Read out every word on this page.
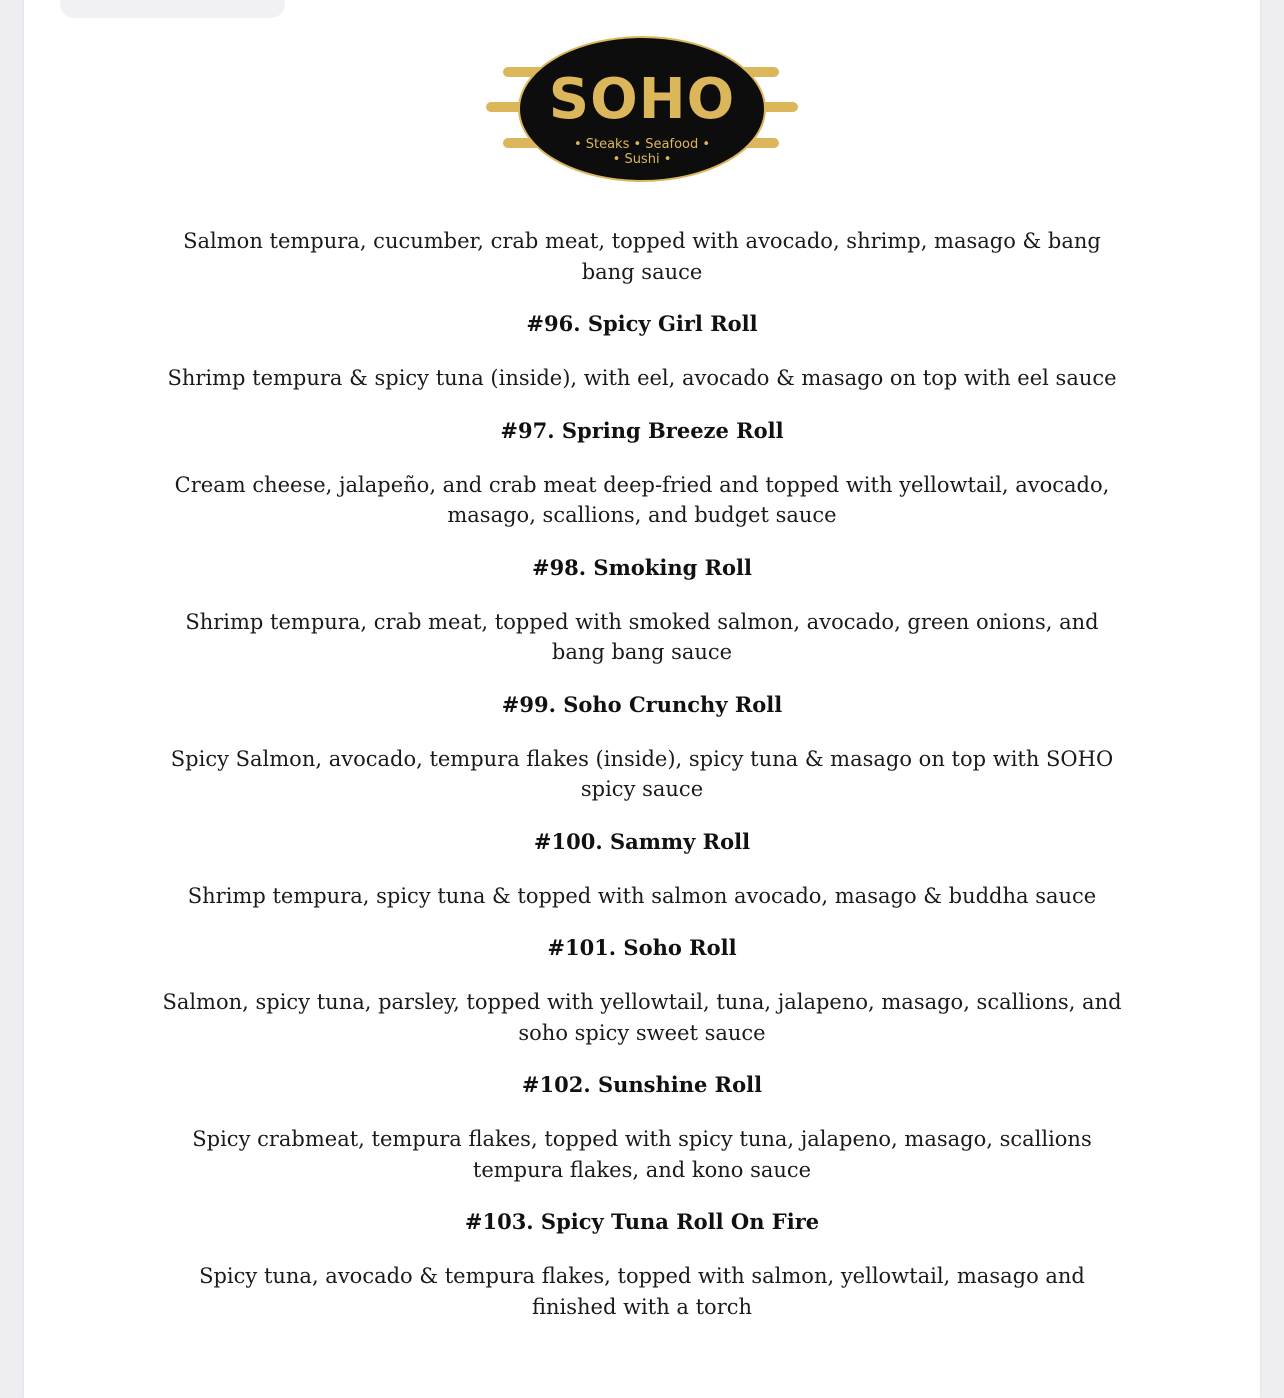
SOHO
• Steaks • Seafood •
• Sushi •
Salmon tempura, cucumber, crab meat, topped with avocado, shrimp, masago & bang bang sauce
#96. Spicy Girl Roll
Shrimp tempura & spicy tuna (inside), with eel, avocado & masago on top with eel sauce
#97. Spring Breeze Roll
Cream cheese, jalapeño, and crab meat deep-fried and topped with yellowtail, avocado, masago, scallions, and budget sauce
#98. Smoking Roll
Shrimp tempura, crab meat, topped with smoked salmon, avocado, green onions, and bang bang sauce
#99. Soho Crunchy Roll
Spicy Salmon, avocado, tempura flakes (inside), spicy tuna & masago on top with SOHO spicy sauce
#100. Sammy Roll
Shrimp tempura, spicy tuna & topped with salmon avocado, masago & buddha sauce
#101. Soho Roll
Salmon, spicy tuna, parsley, topped with yellowtail, tuna, jalapeno, masago, scallions, and soho spicy sweet sauce
#102. Sunshine Roll
Spicy crabmeat, tempura flakes, topped with spicy tuna, jalapeno, masago, scallions tempura flakes, and kono sauce
#103. Spicy Tuna Roll On Fire
Spicy tuna, avocado & tempura flakes, topped with salmon, yellowtail, masago and finished with a torch
